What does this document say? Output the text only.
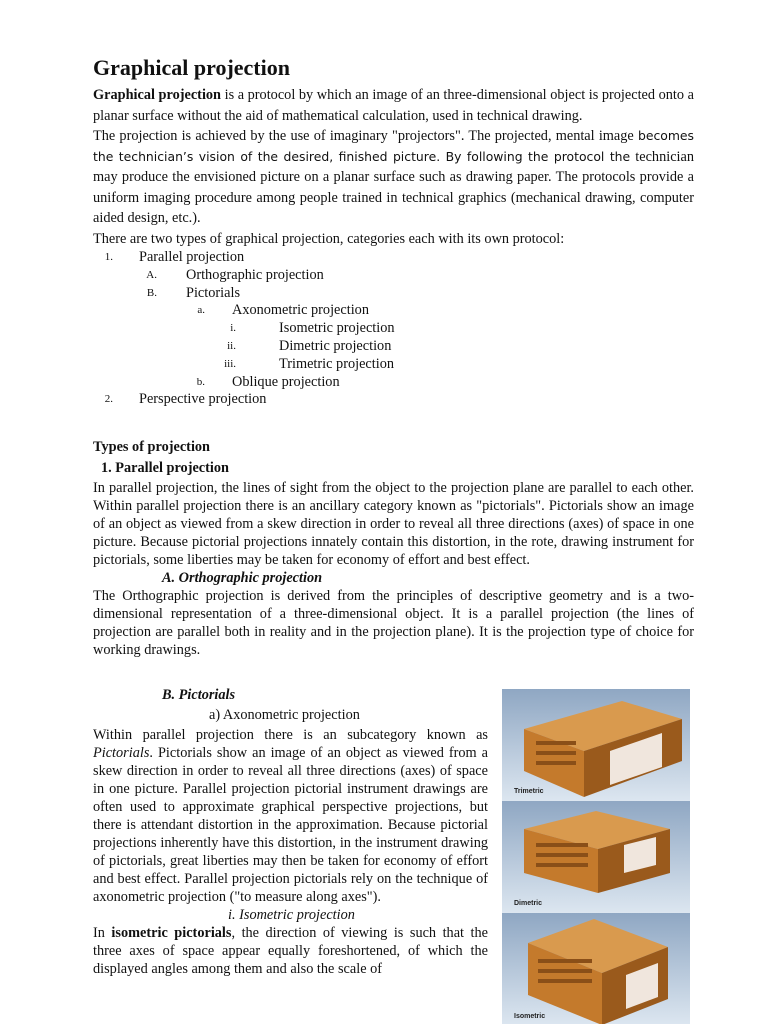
Graphical projection

Graphical projection is a protocol by which an image of an three-dimensional object is projected onto a planar surface without the aid of mathematical calculation, used in technical drawing.

The projection is achieved by the use of imaginary "projectors". The projected, mental image becomes the technician’s vision of the desired, finished picture. By following the protocol the technician may produce the envisioned picture on a planar surface such as drawing paper. The protocols provide a uniform imaging procedure among people trained in technical graphics (mechanical drawing, computer aided design, etc.).

There are two types of graphical projection, categories each with its own protocol:

1. Parallel projection
A. Orthographic projection
B. Pictorials
a. Axonometric projection
i.	Isometric projection
ii.	Dimetric projection
iii.	Trimetric projection
b. Oblique projection
2. Perspective projection
Types of projection
1. Parallel projection

In parallel projection, the lines of sight from the object to the projection plane are parallel to each other. Within parallel projection there is an ancillary category known as "pictorials". Pictorials show an image of an object as viewed from a skew direction in order to reveal all three directions (axes) of space in one picture. Because pictorial projections innately contain this distortion, in the rote, drawing instrument for pictorials, some liberties may be taken for economy of effort and best effect.

A. Orthographic projection

The Orthographic projection is derived from the principles of descriptive geometry and is a two-dimensional representation of a three-dimensional object. It is a parallel projection (the lines of projection are parallel both in reality and in the projection plane). It is the projection type of choice for working drawings.

B. Pictorials
a) Axonometric projection

Within parallel projection there is an subcategory known as Pictorials. Pictorials show an image of an object as viewed from a skew direction in order to reveal all three directions (axes) of space in one picture. Parallel projection pictorial instrument drawings are often used to approximate graphical perspective projections, but there is attendant distortion in the approximation. Because pictorial projections inherently have this distortion, in the instrument drawing of pictorials, great liberties may then be taken for economy of effort and best effect. Parallel projection pictorials rely on the technique of axonometric projection ("to measure along axes").

i. Isometric projection

In isometric pictorials, the direction of viewing is such that the three axes of space appear equally foreshortened, of which the displayed angles among them and also the scale of

Trimetric
Dimetric
Isometric
